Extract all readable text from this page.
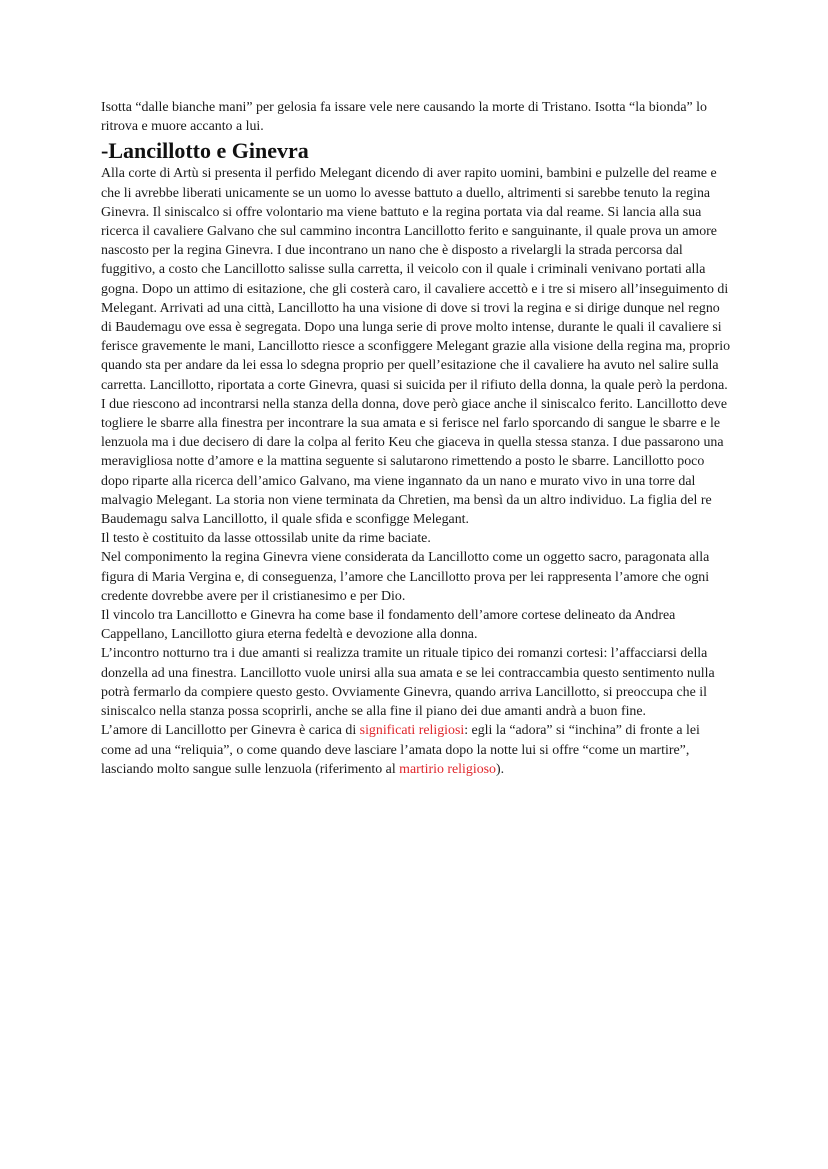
Isotta “dalle bianche mani” per gelosia fa issare vele nere causando la morte di Tristano. Isotta “la bionda” lo ritrova e muore accanto a lui.

-Lancillotto e Ginevra

Alla corte di Artù si presenta il perfido Melegant dicendo di aver rapito uomini, bambini e pulzelle del reame e che li avrebbe liberati unicamente se un uomo lo avesse battuto a duello, altrimenti si sarebbe tenuto la regina Ginevra. Il siniscalco si offre volontario ma viene battuto e la regina portata via dal reame. Si lancia alla sua ricerca il cavaliere Galvano che sul cammino incontra Lancillotto ferito e sanguinante, il quale prova un amore nascosto per la regina Ginevra. I due incontrano un nano che è disposto a rivelargli la strada percorsa dal fuggitivo, a costo che Lancillotto salisse sulla carretta, il veicolo con il quale i criminali venivano portati alla gogna. Dopo un attimo di esitazione, che gli costerà caro, il cavaliere accettò e i tre si misero all’inseguimento di Melegant. Arrivati ad una città, Lancillotto ha una visione di dove si trovi la regina e si dirige dunque nel regno di Baudemagu ove essa è segregata. Dopo una lunga serie di prove molto intense, durante le quali il cavaliere si ferisce gravemente le mani, Lancillotto riesce a sconfiggere Melegant grazie alla visione della regina ma, proprio quando sta per andare da lei essa lo sdegna proprio per quell’esitazione che il cavaliere ha avuto nel salire sulla carretta. Lancillotto, riportata a corte Ginevra, quasi si suicida per il rifiuto della donna, la quale però la perdona. I due riescono ad incontrarsi nella stanza della donna, dove però giace anche il siniscalco ferito. Lancillotto deve togliere le sbarre alla finestra per incontrare la sua amata e si ferisce nel farlo sporcando di sangue le sbarre e le lenzuola ma i due decisero di dare la colpa al ferito Keu che giaceva in quella stessa stanza. I due passarono una meravigliosa notte d’amore e la mattina seguente si salutarono rimettendo a posto le sbarre. Lancillotto poco dopo riparte alla ricerca dell’amico Galvano, ma viene ingannato da un nano e murato vivo in una torre dal malvagio Melegant. La storia non viene terminata da Chretien, ma bensì da un altro individuo. La figlia del re Baudemagu salva Lancillotto, il quale sfida e sconfigge Melegant.

Il testo è costituito da lasse ottossilab unite da rime baciate.

Nel componimento la regina Ginevra viene considerata da Lancillotto come un oggetto sacro, paragonata alla figura di Maria Vergina e, di conseguenza, l’amore che Lancillotto prova per lei rappresenta l’amore che ogni credente dovrebbe avere per il cristianesimo e per Dio.

Il vincolo tra Lancillotto e Ginevra ha come base il fondamento dell’amore cortese delineato da Andrea Cappellano, Lancillotto giura eterna fedeltà e devozione alla donna.

L’incontro notturno tra i due amanti si realizza tramite un rituale tipico dei romanzi cortesi: l’affacciarsi della donzella ad una finestra. Lancillotto vuole unirsi alla sua amata e se lei contraccambia questo sentimento nulla potrà fermarlo da compiere questo gesto. Ovviamente Ginevra, quando arriva Lancillotto, si preoccupa che il siniscalco nella stanza possa scoprirli, anche se alla fine il piano dei due amanti andrà a buon fine.

L’amore di Lancillotto per Ginevra è carica di significati religiosi: egli la “adora” si “inchina” di fronte a lei come ad una “reliquia”, o come quando deve lasciare l’amata dopo la notte lui si offre “come un martire”, lasciando molto sangue sulle lenzuola (riferimento al martirio religioso).
